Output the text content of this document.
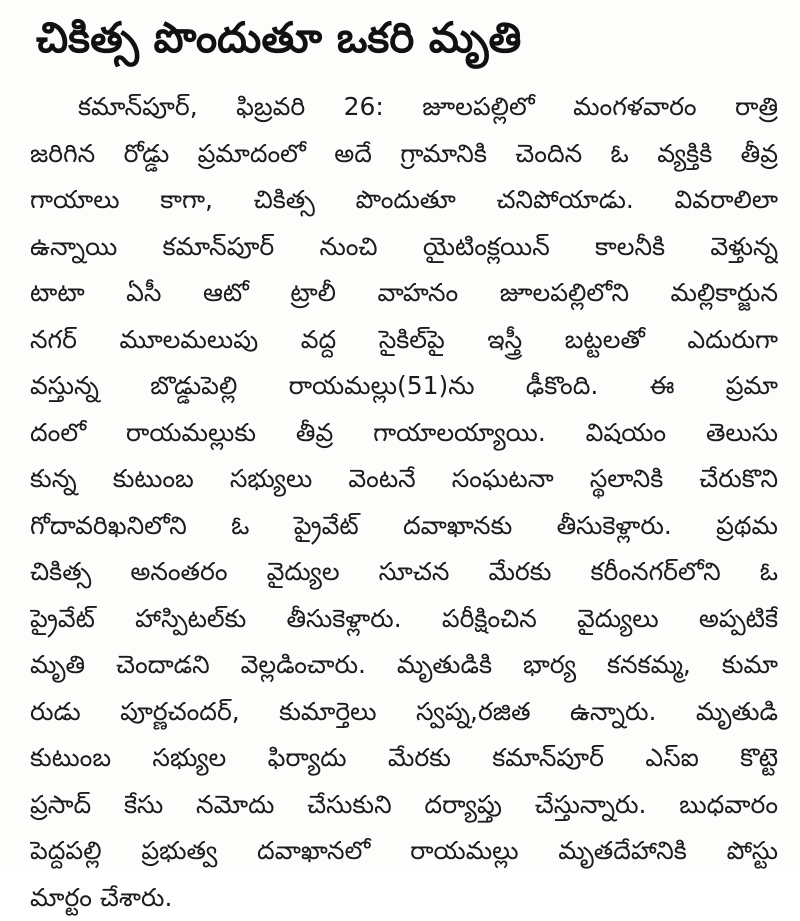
చికిత్స పొందుతూ ఒకరి మృతి
కమాన్‌పూర్, ఫిబ్రవరి 26: జూలపల్లిలో మంగళవారం రాత్రి
జరిగిన రోడ్డు ప్రమాదంలో అదే గ్రామానికి చెందిన ఓ వ్యక్తికి తీవ్ర
గాయాలు కాగా, చికిత్స పొందుతూ చనిపోయాడు. వివరాలిలా
ఉన్నాయి కమాన్‌పూర్ నుంచి యైటింక్లయిన్ కాలనీకి వెళ్తున్న
టాటా ఏసీ ఆటో ట్రాలీ వాహనం జూలపల్లిలోని మల్లికార్జున
నగర్ మూలమలుపు వద్ద సైకిల్‌పై ఇస్త్రీ బట్టలతో ఎదురుగా
వస్తున్న బొడ్డుపెల్లి రాయమల్లు(51)ను ఢీకొంది. ఈ ప్రమా
దంలో రాయమల్లుకు తీవ్ర గాయాలయ్యాయి. విషయం తెలుసు
కున్న కుటుంబ సభ్యులు వెంటనే సంఘటనా స్థలానికి చేరుకొని
గోదావరిఖనిలోని ఓ ప్రైవేట్ దవాఖానకు తీసుకెళ్లారు. ప్రథమ
చికిత్స అనంతరం వైద్యుల సూచన మేరకు కరీంనగర్‌లోని ఓ
ప్రైవేట్ హాస్పిటల్‌కు తీసుకెళ్లారు. పరీక్షించిన వైద్యులు అప్పటికే
మృతి చెందాడని వెల్లడించారు. మృతుడికి భార్య కనకమ్మ, కుమా
రుడు పూర్ణచందర్, కుమార్తెలు స్వప్న,రజిత ఉన్నారు. మృతుడి
కుటుంబ సభ్యుల ఫిర్యాదు మేరకు కమాన్‌పూర్ ఎస్‌ఐ కొట్టె
ప్రసాద్ కేసు నమోదు చేసుకుని దర్యాప్తు చేస్తున్నారు. బుధవారం
పెద్దపల్లి ప్రభుత్వ దవాఖానలో రాయమల్లు మృతదేహానికి పోస్టు
మార్టం చేశారు.
